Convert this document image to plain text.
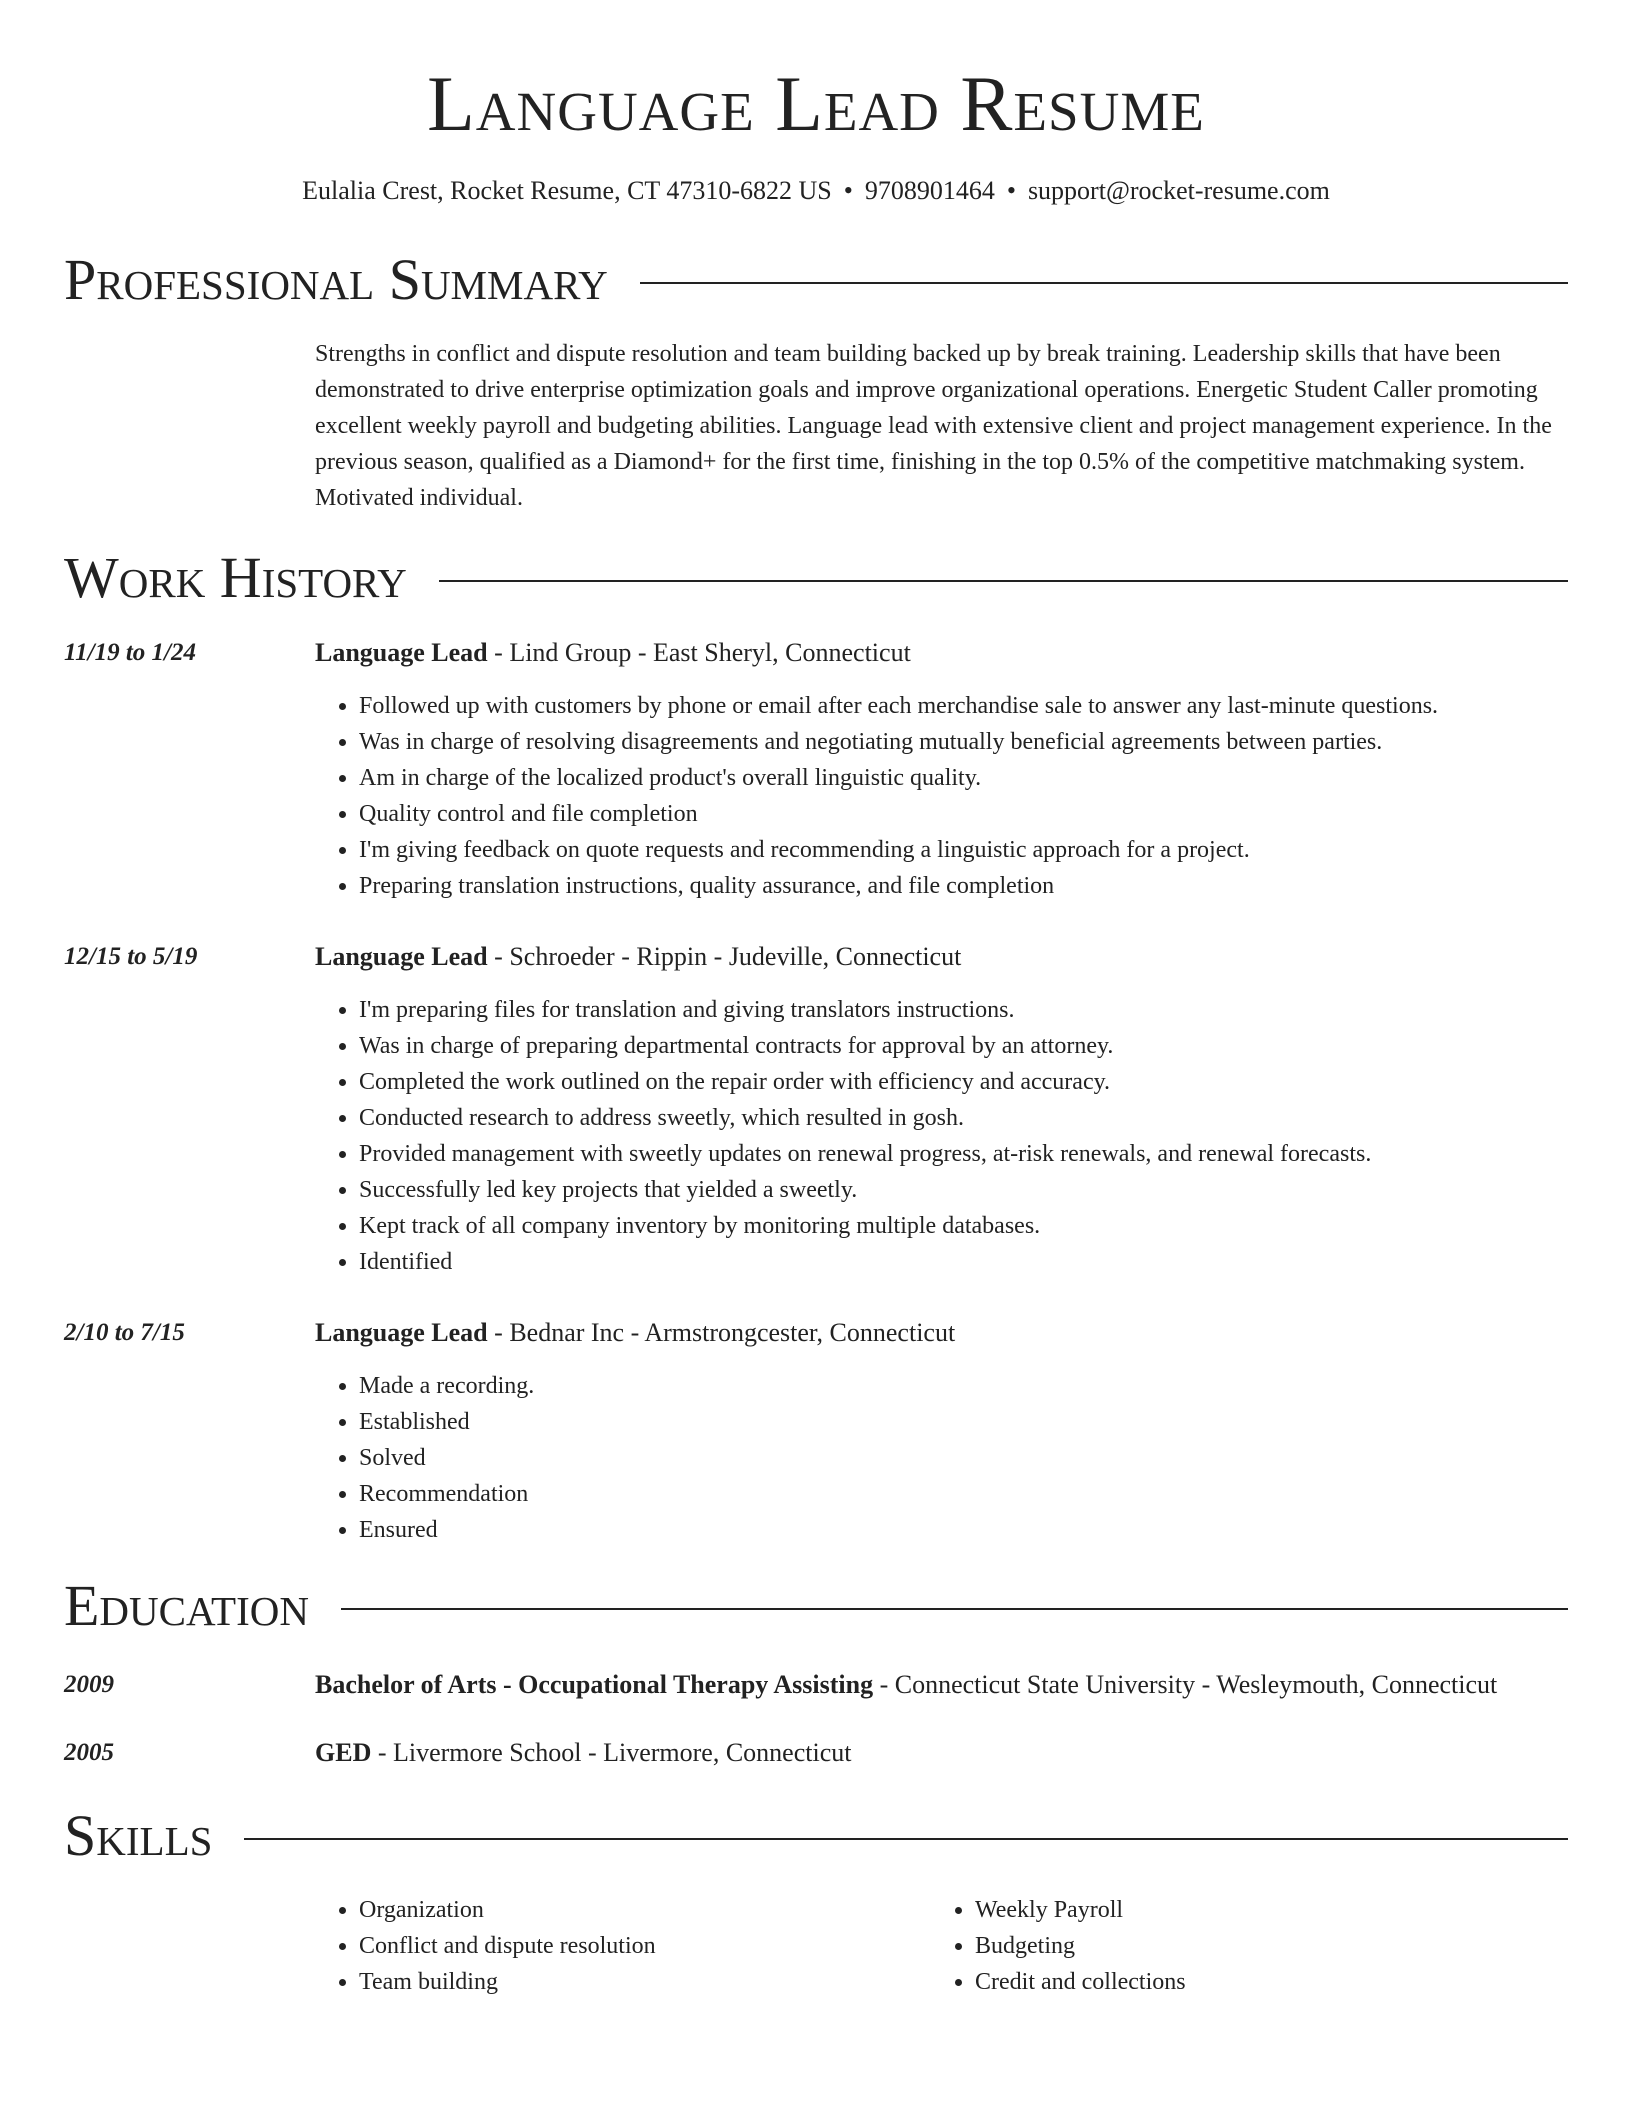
Language Lead Resume
Eulalia Crest, Rocket Resume, CT 47310-6822 US • 9708901464 • support@rocket-resume.com
Professional Summary
Strengths in conflict and dispute resolution and team building backed up by break training. Leadership skills that have been demonstrated to drive enterprise optimization goals and improve organizational operations. Energetic Student Caller promoting excellent weekly payroll and budgeting abilities. Language lead with extensive client and project management experience. In the previous season, qualified as a Diamond+ for the first time, finishing in the top 0.5% of the competitive matchmaking system. Motivated individual.
Work History
11/19 to 1/24	Language Lead - Lind Group - East Sheryl, Connecticut
• Followed up with customers by phone or email after each merchandise sale to answer any last-minute questions.
• Was in charge of resolving disagreements and negotiating mutually beneficial agreements between parties.
• Am in charge of the localized product's overall linguistic quality.
• Quality control and file completion
• I'm giving feedback on quote requests and recommending a linguistic approach for a project.
• Preparing translation instructions, quality assurance, and file completion
12/15 to 5/19	Language Lead - Schroeder - Rippin - Judeville, Connecticut
• I'm preparing files for translation and giving translators instructions.
• Was in charge of preparing departmental contracts for approval by an attorney.
• Completed the work outlined on the repair order with efficiency and accuracy.
• Conducted research to address sweetly, which resulted in gosh.
• Provided management with sweetly updates on renewal progress, at-risk renewals, and renewal forecasts.
• Successfully led key projects that yielded a sweetly.
• Kept track of all company inventory by monitoring multiple databases.
• Identified
2/10 to 7/15	Language Lead - Bednar Inc - Armstrongcester, Connecticut
• Made a recording.
• Established
• Solved
• Recommendation
• Ensured
Education
2009	Bachelor of Arts - Occupational Therapy Assisting - Connecticut State University - Wesleymouth, Connecticut
2005	GED - Livermore School - Livermore, Connecticut
Skills
• Organization
• Conflict and dispute resolution
• Team building
• Weekly Payroll
• Budgeting
• Credit and collections
